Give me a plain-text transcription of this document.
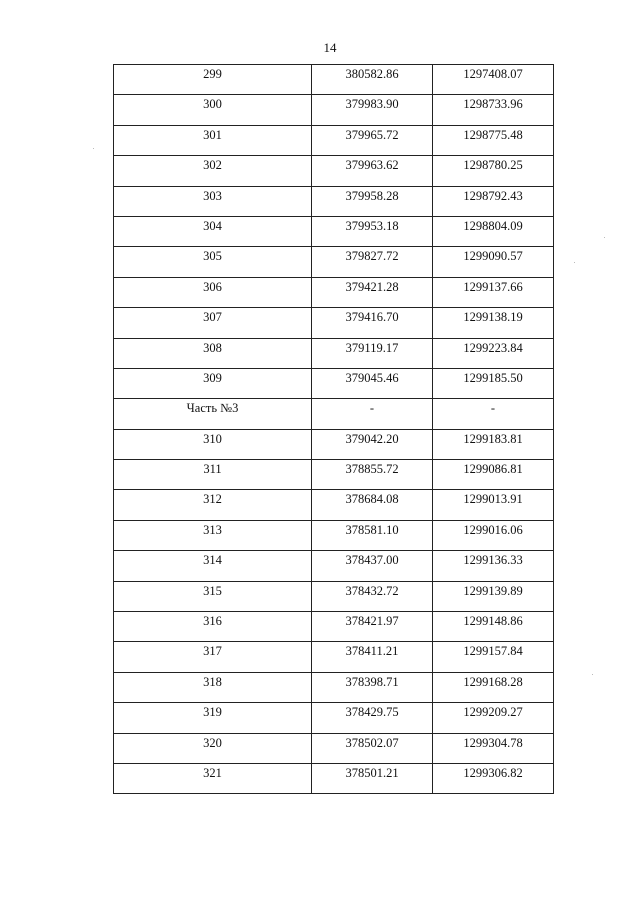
14
299	380582.86	1297408.07
300	379983.90	1298733.96
301	379965.72	1298775.48
302	379963.62	1298780.25
303	379958.28	1298792.43
304	379953.18	1298804.09
305	379827.72	1299090.57
306	379421.28	1299137.66
307	379416.70	1299138.19
308	379119.17	1299223.84
309	379045.46	1299185.50
Часть №3	-	-
310	379042.20	1299183.81
311	378855.72	1299086.81
312	378684.08	1299013.91
313	378581.10	1299016.06
314	378437.00	1299136.33
315	378432.72	1299139.89
316	378421.97	1299148.86
317	378411.21	1299157.84
318	378398.71	1299168.28
319	378429.75	1299209.27
320	378502.07	1299304.78
321	378501.21	1299306.82
